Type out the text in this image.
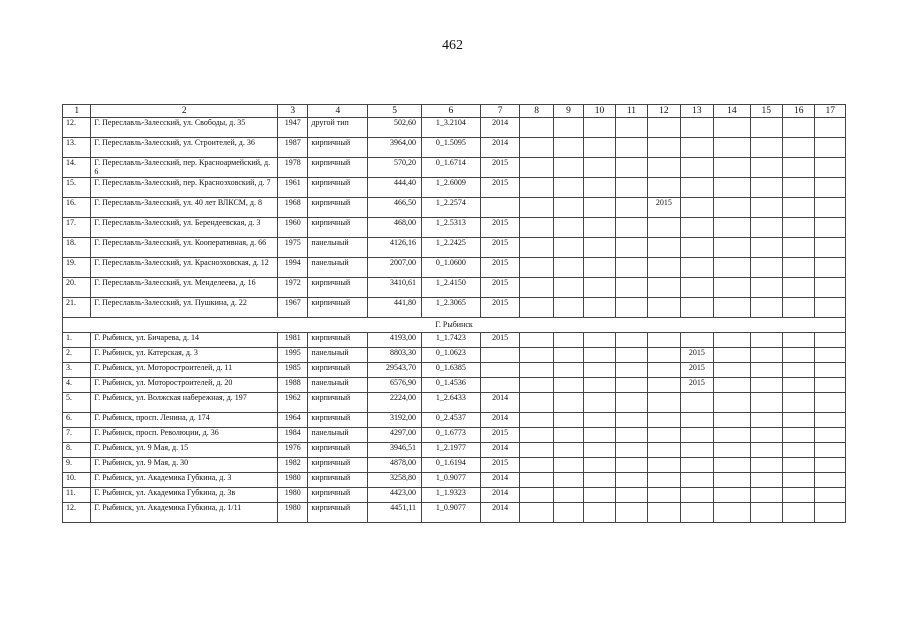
462
1	2	3	4	5	6	7	8	9	10	11	12	13	14	15	16	17
12.	Г. Переславль-Залесский, ул. Свободы, д. 35	1947	другой тип	502,60	1_3.2104	2014										
13.	Г. Переславль-Залесский, ул. Строителей, д. 36	1987	кирпичный	3964,00	0_1.5095	2014										
14.	Г. Переславль-Залесский, пер. Красноармейский, д. 6	1978	кирпичный	570,20	0_1.6714	2015										
15.	Г. Переславль-Залесский, пер. Красноэховский, д. 7	1961	кирпичный	444,40	1_2.6009	2015										
16.	Г. Переславль-Залесский, ул. 40 лет ВЛКСМ, д. 8	1968	кирпичный	466,50	1_2.2574						2015					
17.	Г. Переславль-Залесский, ул. Берендеевская, д. 3	1960	кирпичный	468,00	1_2.5313	2015										
18.	Г. Переславль-Залесский, ул. Кооперативная, д. 66	1975	панельный	4126,16	1_2.2425	2015										
19.	Г. Переславль-Залесский, ул. Красноэховская, д. 12	1994	панельный	2007,00	0_1.0600	2015										
20.	Г. Переславль-Залесский, ул. Менделеева, д. 16	1972	кирпичный	3410,61	1_2.4150	2015										
21.	Г. Переславль-Залесский, ул. Пушкина, д. 22	1967	кирпичный	441,80	1_2.3065	2015										
Г. Рыбинск																
1.	Г. Рыбинск, ул. Бичарева, д. 14	1981	кирпичный	4193,00	1_1.7423	2015										
2.	Г. Рыбинск, ул. Катерская, д. 3	1995	панельный	8803,30	0_1.0623							2015				
3.	Г. Рыбинск, ул. Моторостроителей, д. 11	1985	кирпичный	29543,70	0_1.6385							2015				
4.	Г. Рыбинск, ул. Моторостроителей, д. 20	1988	панельный	6576,90	0_1.4536							2015				
5.	Г. Рыбинск, ул. Волжская набережная, д. 197	1962	кирпичный	2224,00	1_2.6433	2014										
6.	Г. Рыбинск, просп. Ленина, д. 174	1964	кирпичный	3192,00	0_2.4537	2014										
7.	Г. Рыбинск, просп. Революции, д. 36	1984	панельный	4297,00	0_1.6773	2015										
8.	Г. Рыбинск, ул. 9 Мая, д. 15	1976	кирпичный	3946,51	1_2.1977	2014										
9.	Г. Рыбинск, ул. 9 Мая, д. 30	1982	кирпичный	4878,00	0_1.6194	2015										
10.	Г. Рыбинск, ул. Академика Губкина, д. 3	1980	кирпичный	3258,80	1_0.9077	2014										
11.	Г. Рыбинск, ул. Академика Губкина, д. 3в	1980	кирпичный	4423,00	1_1.9323	2014										
12.	Г. Рыбинск, ул. Академика Губкина, д. 1/11	1980	кирпичный	4451,11	1_0.9077	2014										
